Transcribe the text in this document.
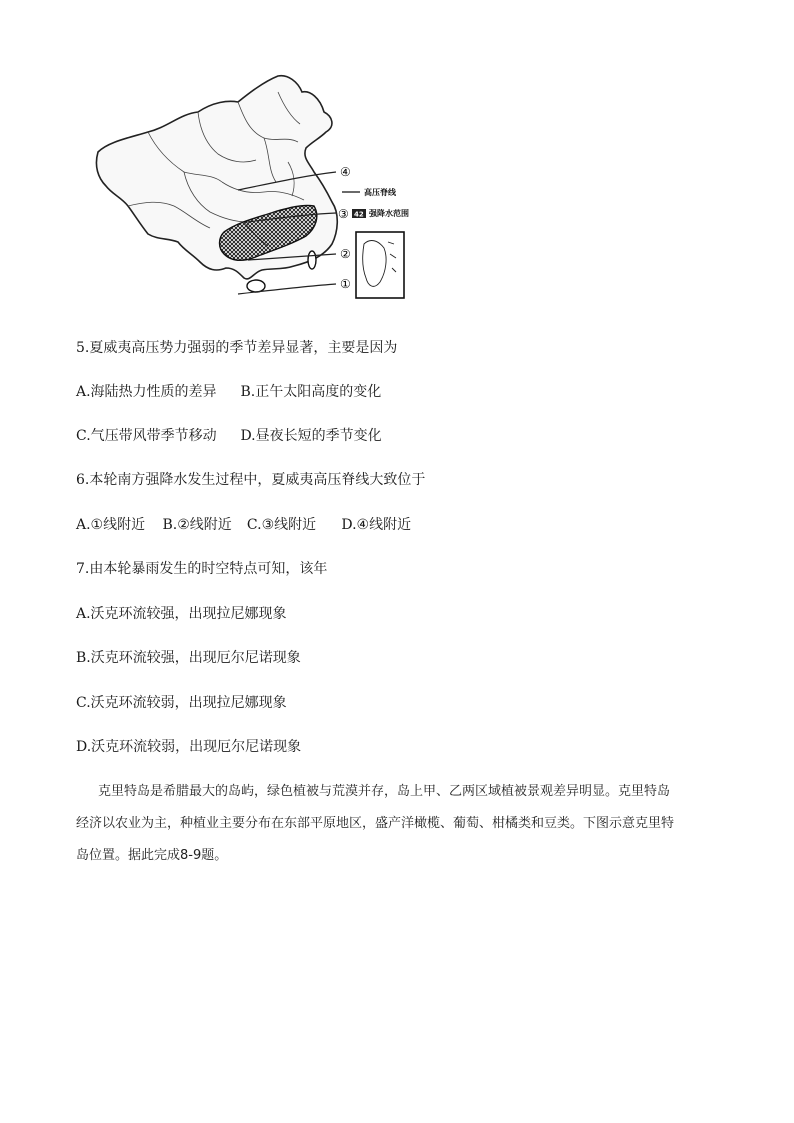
④
③
②
①
高压脊线
42 强降水范围
5.夏威夷高压势力强弱的季节差异显著，主要是因为
A.海陆热力性质的差异 B.正午太阳高度的变化
C.气压带风带季节移动 D.昼夜长短的季节变化
6.本轮南方强降水发生过程中，夏威夷高压脊线大致位于
A.①线附近 B.②线附近 C.③线附近 D.④线附近
7.由本轮暴雨发生的时空特点可知，该年
A.沃克环流较强，出现拉尼娜现象
B.沃克环流较强，出现厄尔尼诺现象
C.沃克环流较弱，出现拉尼娜现象
D.沃克环流较弱，出现厄尔尼诺现象
克里特岛是希腊最大的岛屿，绿色植被与荒漠并存，岛上甲、乙两区域植被景观差异明显。克里特岛
经济以农业为主，种植业主要分布在东部平原地区，盛产洋橄榄、葡萄、柑橘类和豆类。下图示意克里特
岛位置。据此完成8-9题。
